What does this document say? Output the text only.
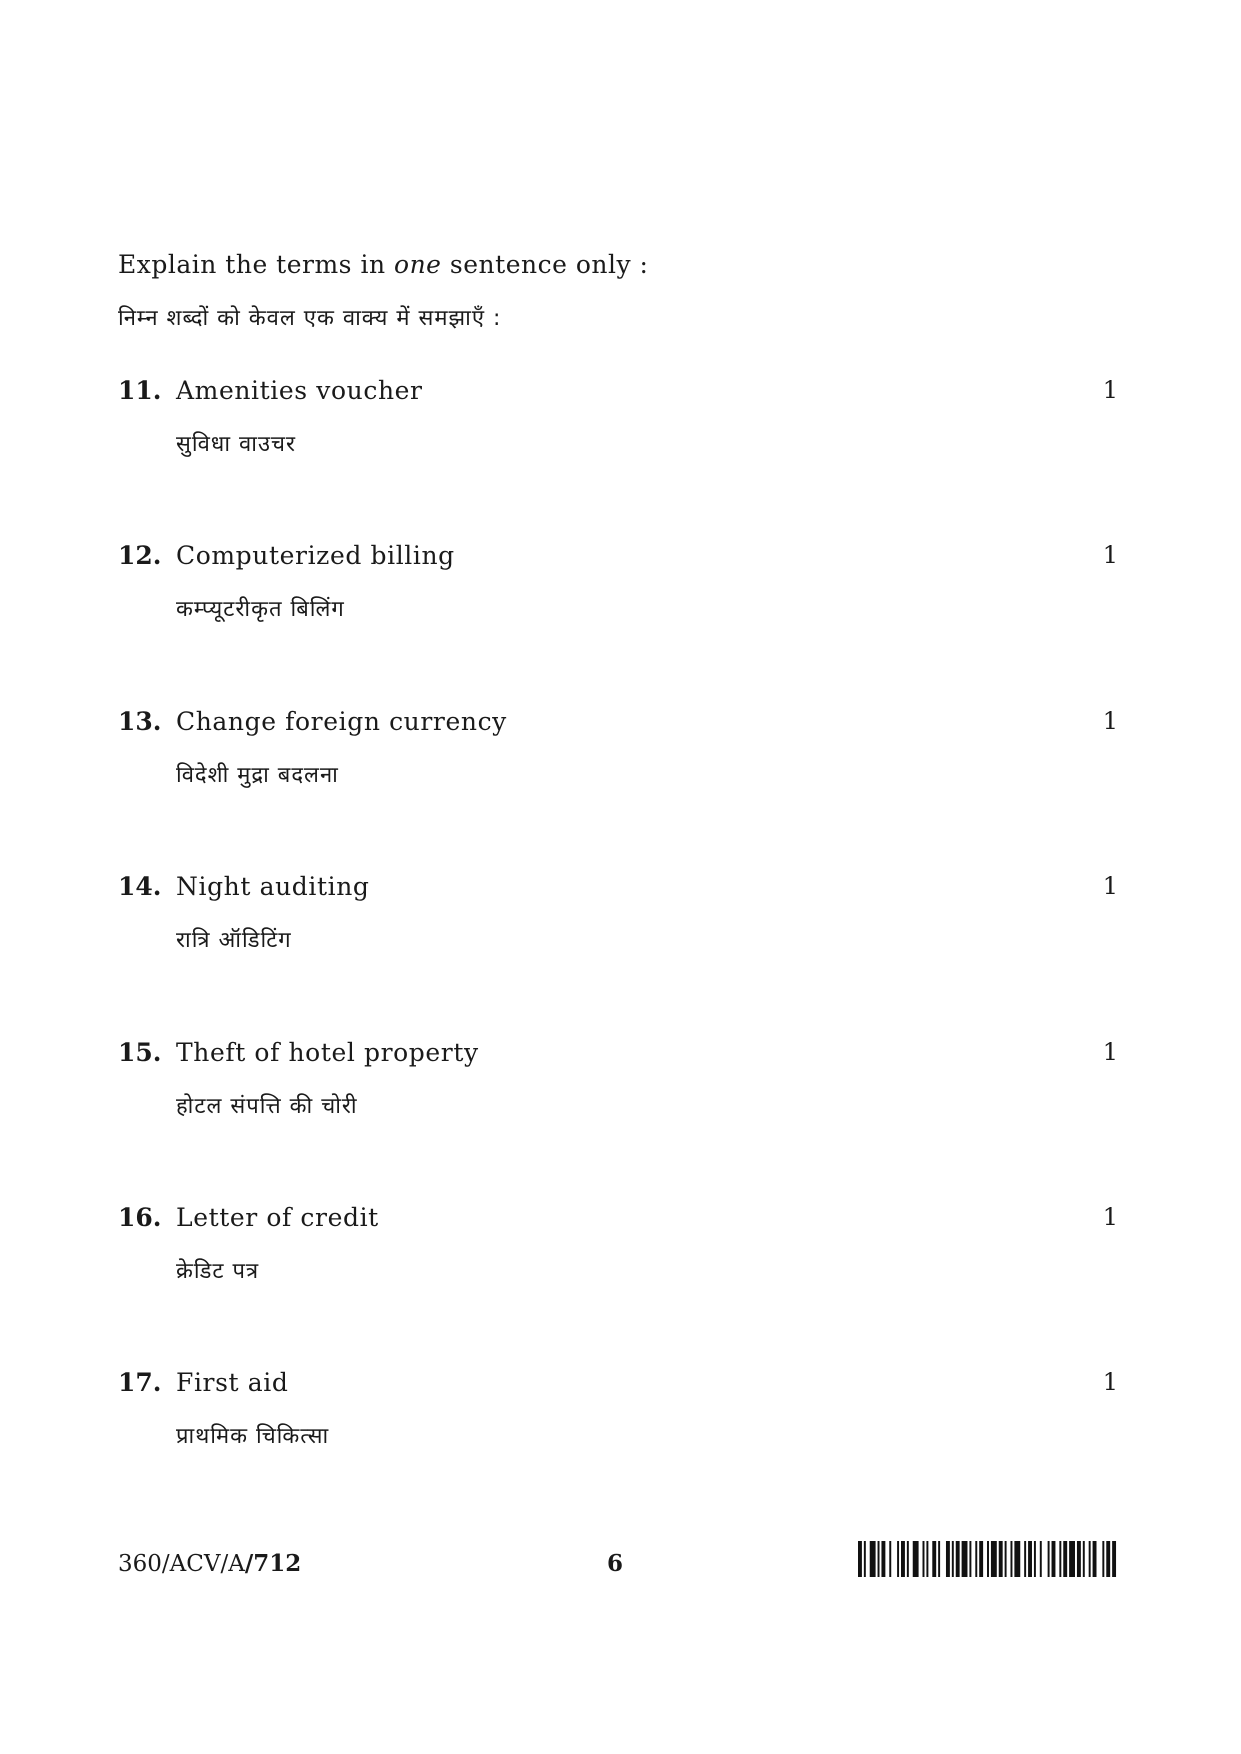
Explain the terms in one sentence only :
निम्न शब्दों को केवल एक वाक्य में समझाएँ :
11. Amenities voucher
सुविधा वाउचर
1
12. Computerized billing
कम्प्यूटरीकृत बिलिंग
1
13. Change foreign currency
विदेशी मुद्रा बदलना
1
14. Night auditing
रात्रि ऑडिटिंग
1
15. Theft of hotel property
होटल संपत्ति की चोरी
1
16. Letter of credit
क्रेडिट पत्र
1
17. First aid
प्राथमिक चिकित्सा
1
360/ACV/A/712	6
